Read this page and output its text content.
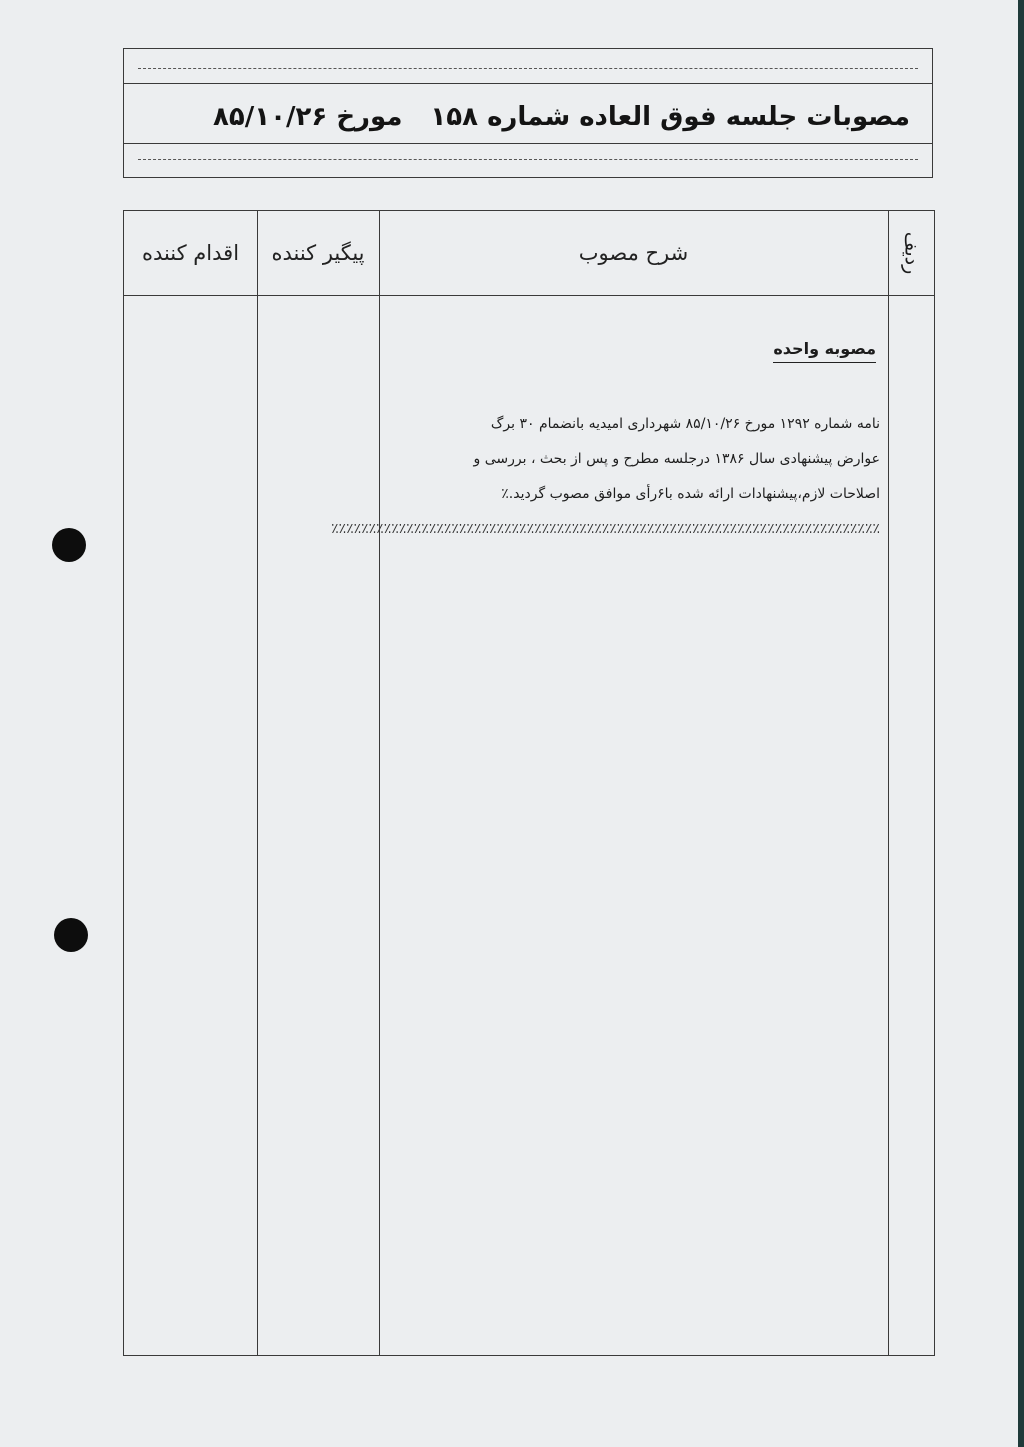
مصوبات جلسه فوق العاده شماره ۱۵۸مورخ ۸۵/۱۰/۲۶
اقدام کننده	پیگیر کننده	شرح مصوب	ردیف
مصوبه واحده

نامه شماره ۱۲۹۲ مورخ ۸۵/۱۰/۲۶ شهرداری امیدیه بانضمام ۳۰ برگ

عوارض پیشنهادی سال ۱۳۸۶ درجلسه مطرح و پس از بحث ، بررسی و

اصلاحات لازم،پیشنهادات ارائه شده با۶رأی موافق مصوب گردید.٪

٪٪٪٪٪٪٪٪٪٪٪٪٪٪٪٪٪٪٪٪٪٪٪٪٪٪٪٪٪٪٪٪٪٪٪٪٪٪٪٪٪٪٪٪٪٪٪٪٪٪٪٪٪٪٪٪٪٪٪٪٪٪٪٪٪٪٪٪٪٪٪٪٪
